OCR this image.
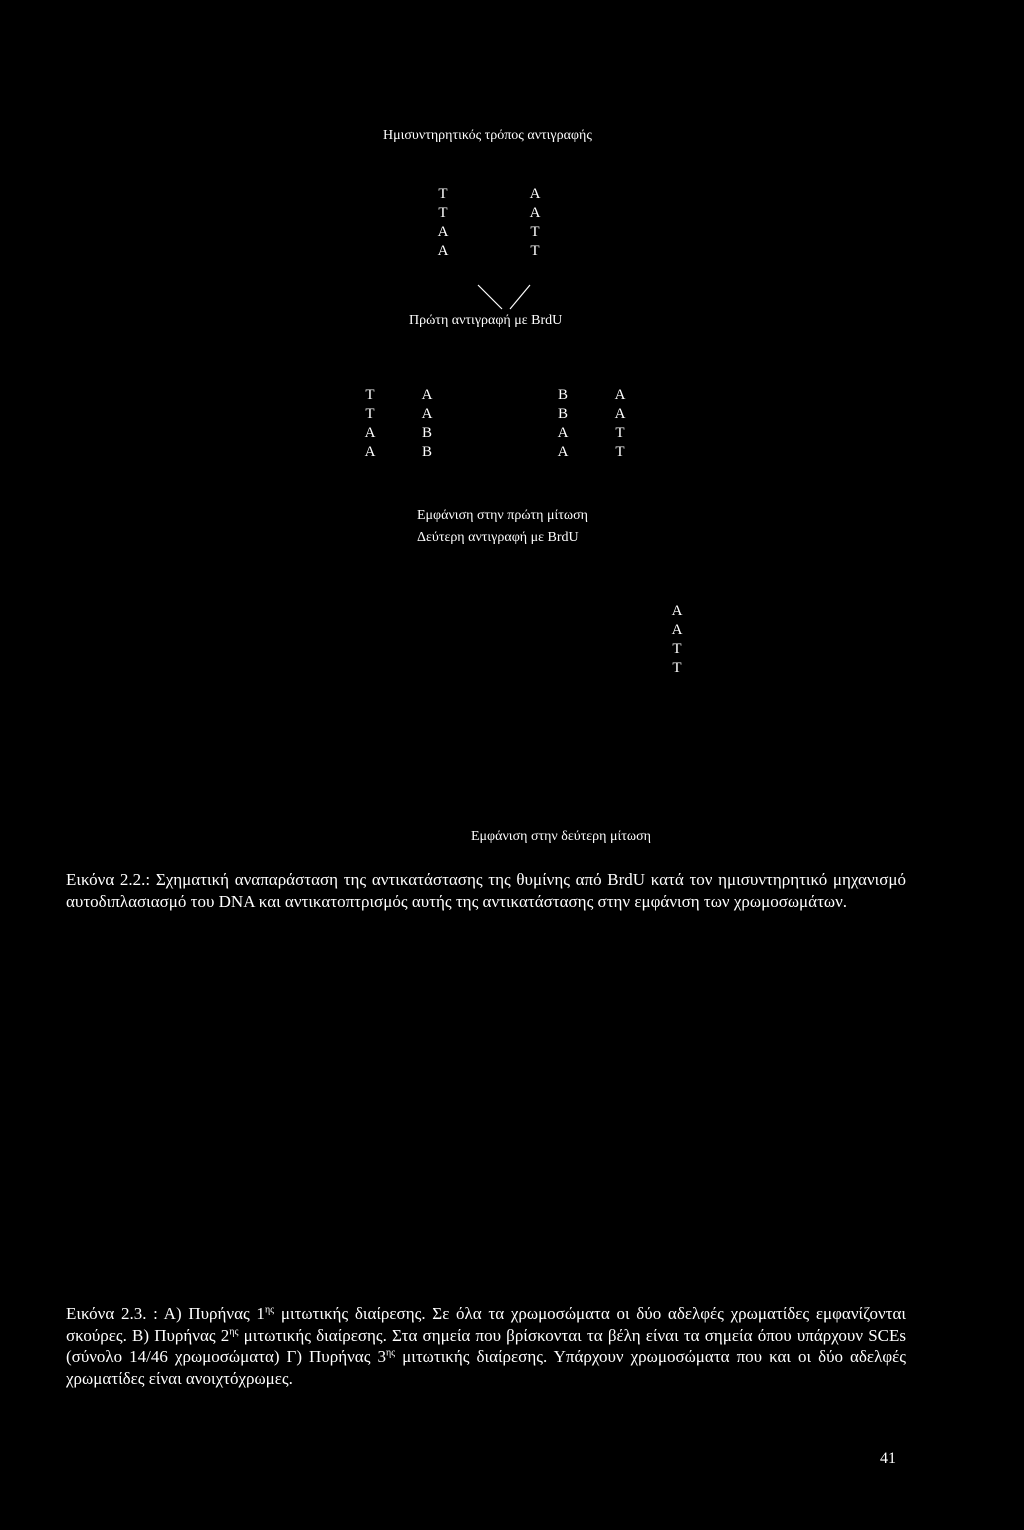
Ημισυντηρητικός τρόπος αντιγραφής
T
T
A
A
A
A
T
T
Πρώτη αντιγραφή με BrdU
T
T
A
A
A
A
B
B
B
B
A
A
A
A
T
T
Εμφάνιση στην πρώτη μίτωση
Δεύτερη αντιγραφή με BrdU
A
A
T
T
Εμφάνιση στην δεύτερη μίτωση

Εικόνα 2.2.: Σχηματική αναπαράσταση της αντικατάστασης της θυμίνης από BrdU κατά τον ημισυντηρητικό μηχανισμό αυτοδιπλασιασμό του DNA και αντικατοπτρισμός αυτής της αντικατάστασης στην εμφάνιση των χρωμοσωμάτων.

Εικόνα 2.3. : Α) Πυρήνας $1^{\eta\varsigma}$ μιτωτικής διαίρεσης. Σε όλα τα χρωμοσώματα οι δύο αδελφές χρωματίδες εμφανίζονται σκούρες. Β) Πυρήνας $2^{\eta\varsigma}$ μιτωτικής διαίρεσης. Στα σημεία που βρίσκονται τα βέλη είναι τα σημεία όπου υπάρχουν SCEs (σύνολο 14/46 χρωμοσώματα) Γ) Πυρήνας $3^{\eta\varsigma}$ μιτωτικής διαίρεσης. Υπάρχουν χρωμοσώματα που και οι δύο αδελφές χρωματίδες είναι ανοιχτόχρωμες.

41
